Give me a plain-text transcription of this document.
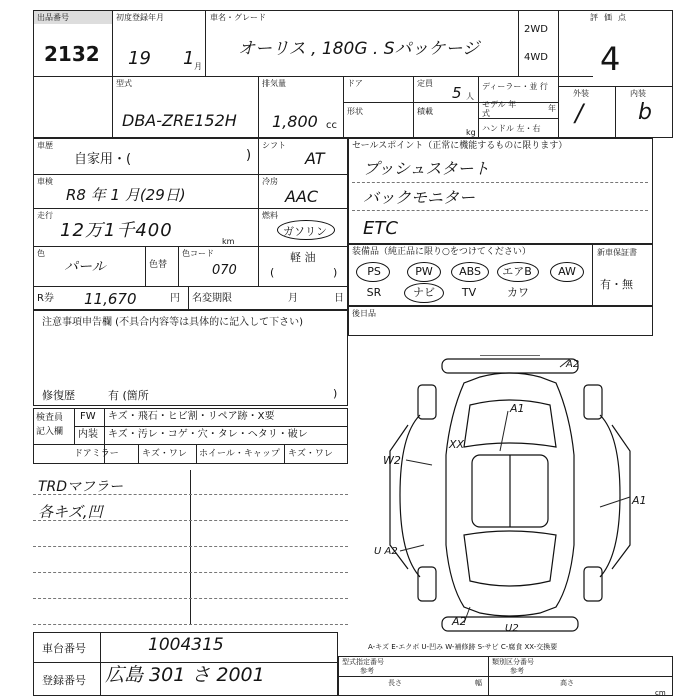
出品番号
2132
初度登録年月
19 1 月
車名・グレード
オーリス , 180G . Sパッケージ
2WD
4WD
評価点
4
外装	内装
/ b
型式
DBA-ZRE152H
排気量
1,800 cc
ドア	定員
5 人
ディーラー・並 行
モデル 年式
年
ハンドル 左・右
形状	積載
kg
車歴
自家用・(	)
シフト
AT
車検
R8 年 1 月(29日)
冷房
AAC
走行
12万1千400
km
燃料
ガソリン
色
パール	色替
色コード
070
軽 油
(	)
R券 11,670	円 名変期限	月	日
セールスポイント（正常に機能するものに限ります）
プッシュスタート
バックモニター
ETC
装備品（純正品に限り○をつけてください）	新車保証書
有・無
PS	PW	ABS	エアB	AW
SR	ナビ	TV	カワ
後日品
注意事項申告欄 (不具合内容等は具体的に記入して下さい)
修復歴	有 (箇所	)
検査員
記入欄
FW キズ・飛石・ヒビ割・リペア跡・X要
内装 キズ・汚レ・コゲ・穴・タレ・ヘタリ・破レ
ドアミラー	キズ・ワレ ホイール・キャップ キズ・ワレ
TRDマフラー
各キズ,凹
A2
XX
A1
W2
A1
U A2
A2
U2
A-キズ E-エクボ U-凹み W-補修跡 S-サビ C-腐食 XX-交換要
車台番号	1004315
登録番号 広島 301 さ 2001
型式指定番号
参考
類別区分番号
参考
長さ	幅	高さ
cm
